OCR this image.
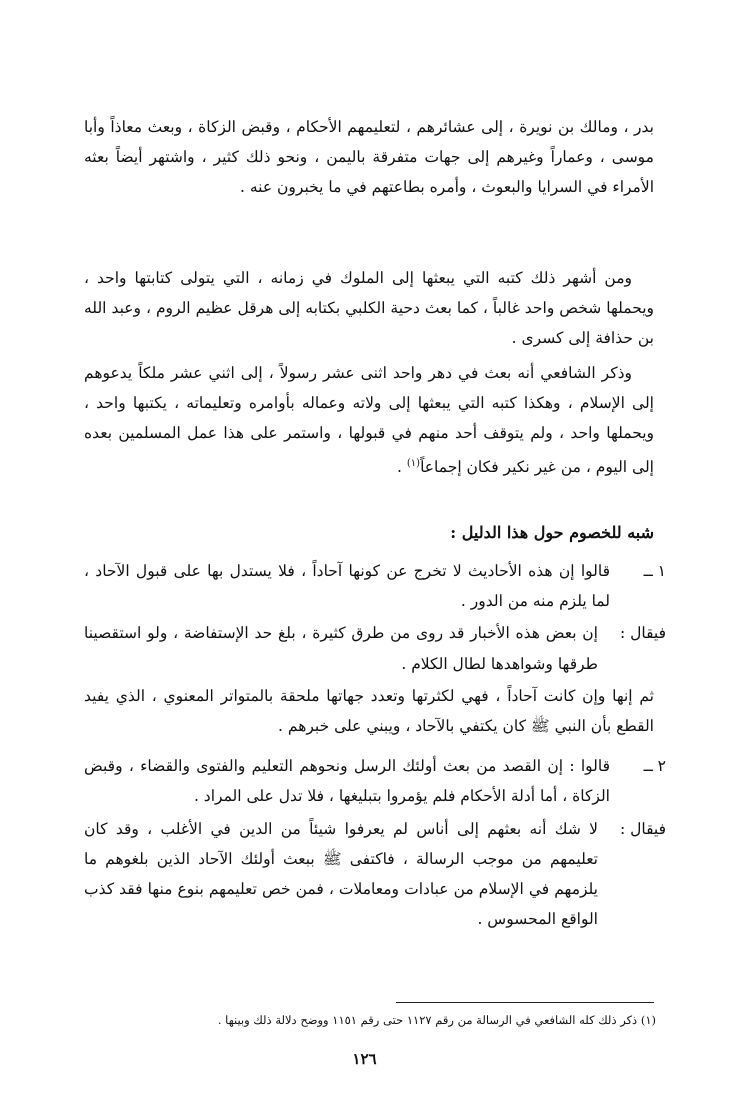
بدر ، ومالك بن نويرة ، إلى عشائرهم ، لتعليمهم الأحكام ، وقبض الزكاة ، وبعث معاذاً وأبا موسى ، وعماراً وغيرهم إلى جهات متفرقة باليمن ، ونحو ذلك كثير ، واشتهر أيضاً بعثه الأمراء في السرايا والبعوث ، وأمره بطاعتهم في ما يخبرون عنه .

ومن أشهر ذلك كتبه التي يبعثها إلى الملوك في زمانه ، التي يتولى كتابتها واحد ، ويحملها شخص واحد غالباً ، كما بعث دحية الكلبي بكتابه إلى هرقل عظيم الروم ، وعبد الله بن حذافة إلى كسرى .

وذكر الشافعي أنه بعث في دهر واحد اثنى عشر رسولاً ، إلى اثني عشر ملكاً يدعوهم إلى الإسلام ، وهكذا كتبه التي يبعثها إلى ولاته وعماله بأوامره وتعليماته ، يكتبها واحد ، ويحملها واحد ، ولم يتوقف أحد منهم في قبولها ، واستمر على هذا عمل المسلمين بعده إلى اليوم ، من غير نكير فكان إجماعاً$^{(١)}$ .

شبه للخصوم حول هذا الدليل :
١ ــ
قالوا إن هذه الأحاديث لا تخرج عن كونها آحاداً ، فلا يستدل بها على قبول الآحاد ، لما يلزم منه من الدور .
فيقال :
إن بعض هذه الأخبار قد روى من طرق كثيرة ، بلغ حد الإستفاضة ، ولو استقصينا طرقها وشواهدها لطال الكلام .
ثم إنها وإن كانت آحاداً ، فهي لكثرتها وتعدد جهاتها ملحقة بالمتواتر المعنوي ، الذي يفيد القطع بأن النبي ﷺ كان يكتفي بالآحاد ، ويبني على خبرهم .
٢ ــ
قالوا : إن القصد من بعث أولئك الرسل ونحوهم التعليم والفتوى والقضاء ، وقبض الزكاة ، أما أدلة الأحكام فلم يؤمروا بتبليغها ، فلا تدل على المراد .
فيقال :
لا شك أنه بعثهم إلى أناس لم يعرفوا شيئاً من الدين في الأغلب ، وقد كان تعليمهم من موجب الرسالة ، فاكتفى ﷺ ببعث أولئك الآحاد الذين بلغوهم ما يلزمهم في الإسلام من عبادات ومعاملات ، فمن خص تعليمهم بنوع منها فقد كذب الواقع المحسوس .
(١) ذكر ذلك كله الشافعي في الرسالة من رقم ١١٢٧ حتى رقم ١١٥١ ووضح دلالة ذلك وبينها .
١٢٦
